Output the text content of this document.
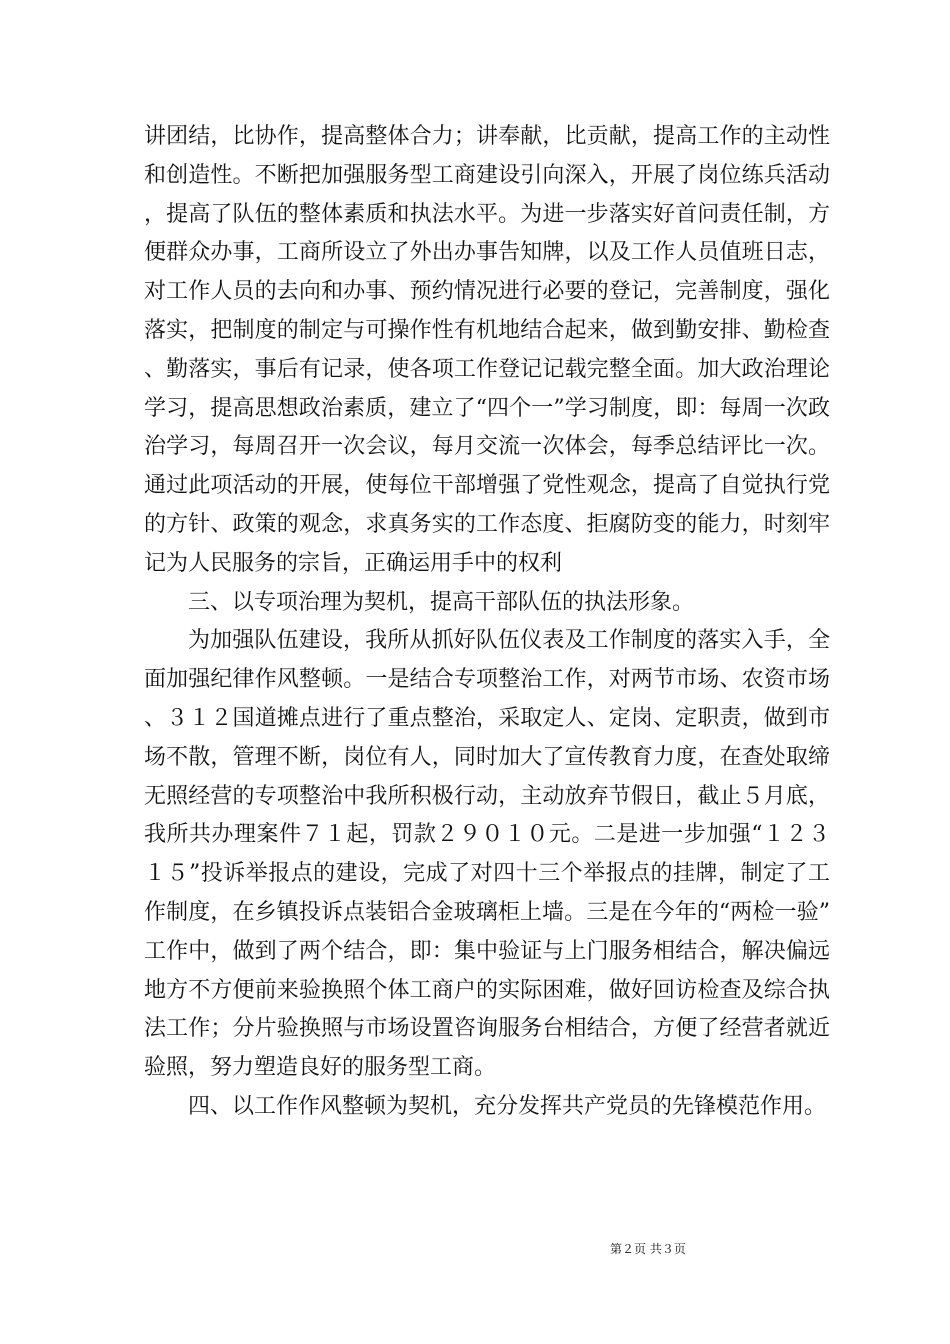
讲团结，比协作，提高整体合力；讲奉献，比贡献，提高工作的主动性和创造性。不断把加强服务型工商建设引向深入，开展了岗位练兵活动，提高了队伍的整体素质和执法水平。为进一步落实好首问责任制，方便群众办事，工商所设立了外出办事告知牌，以及工作人员值班日志，对工作人员的去向和办事、预约情况进行必要的登记，完善制度，强化落实，把制度的制定与可操作性有机地结合起来，做到勤安排、勤检查、勤落实，事后有记录，使各项工作登记记载完整全面。加大政治理论学习，提高思想政治素质，建立了“四个一”学习制度，即：每周一次政治学习，每周召开一次会议，每月交流一次体会，每季总结评比一次。通过此项活动的开展，使每位干部增强了党性观念，提高了自觉执行党的方针、政策的观念，求真务实的工作态度、拒腐防变的能力，时刻牢记为人民服务的宗旨，正确运用手中的权利

三、以专项治理为契机，提高干部队伍的执法形象。

为加强队伍建设，我所从抓好队伍仪表及工作制度的落实入手，全面加强纪律作风整顿。一是结合专项整治工作，对两节市场、农资市场、３１２国道摊点进行了重点整治，采取定人、定岗、定职责，做到市场不散，管理不断，岗位有人，同时加大了宣传教育力度，在查处取缔无照经营的专项整治中我所积极行动，主动放弃节假日，截止５月底，我所共办理案件７１起，罚款２９０１０元。二是进一步加强“１２３１５”投诉举报点的建设，完成了对四十三个举报点的挂牌，制定了工作制度，在乡镇投诉点装铝合金玻璃柜上墙。三是在今年的“两检一验”工作中，做到了两个结合，即：集中验证与上门服务相结合，解决偏远地方不方便前来验换照个体工商户的实际困难，做好回访检查及综合执法工作；分片验换照与市场设置咨询服务台相结合，方便了经营者就近验照，努力塑造良好的服务型工商。

四、以工作作风整顿为契机，充分发挥共产党员的先锋模范作用。

第２页 共３页
